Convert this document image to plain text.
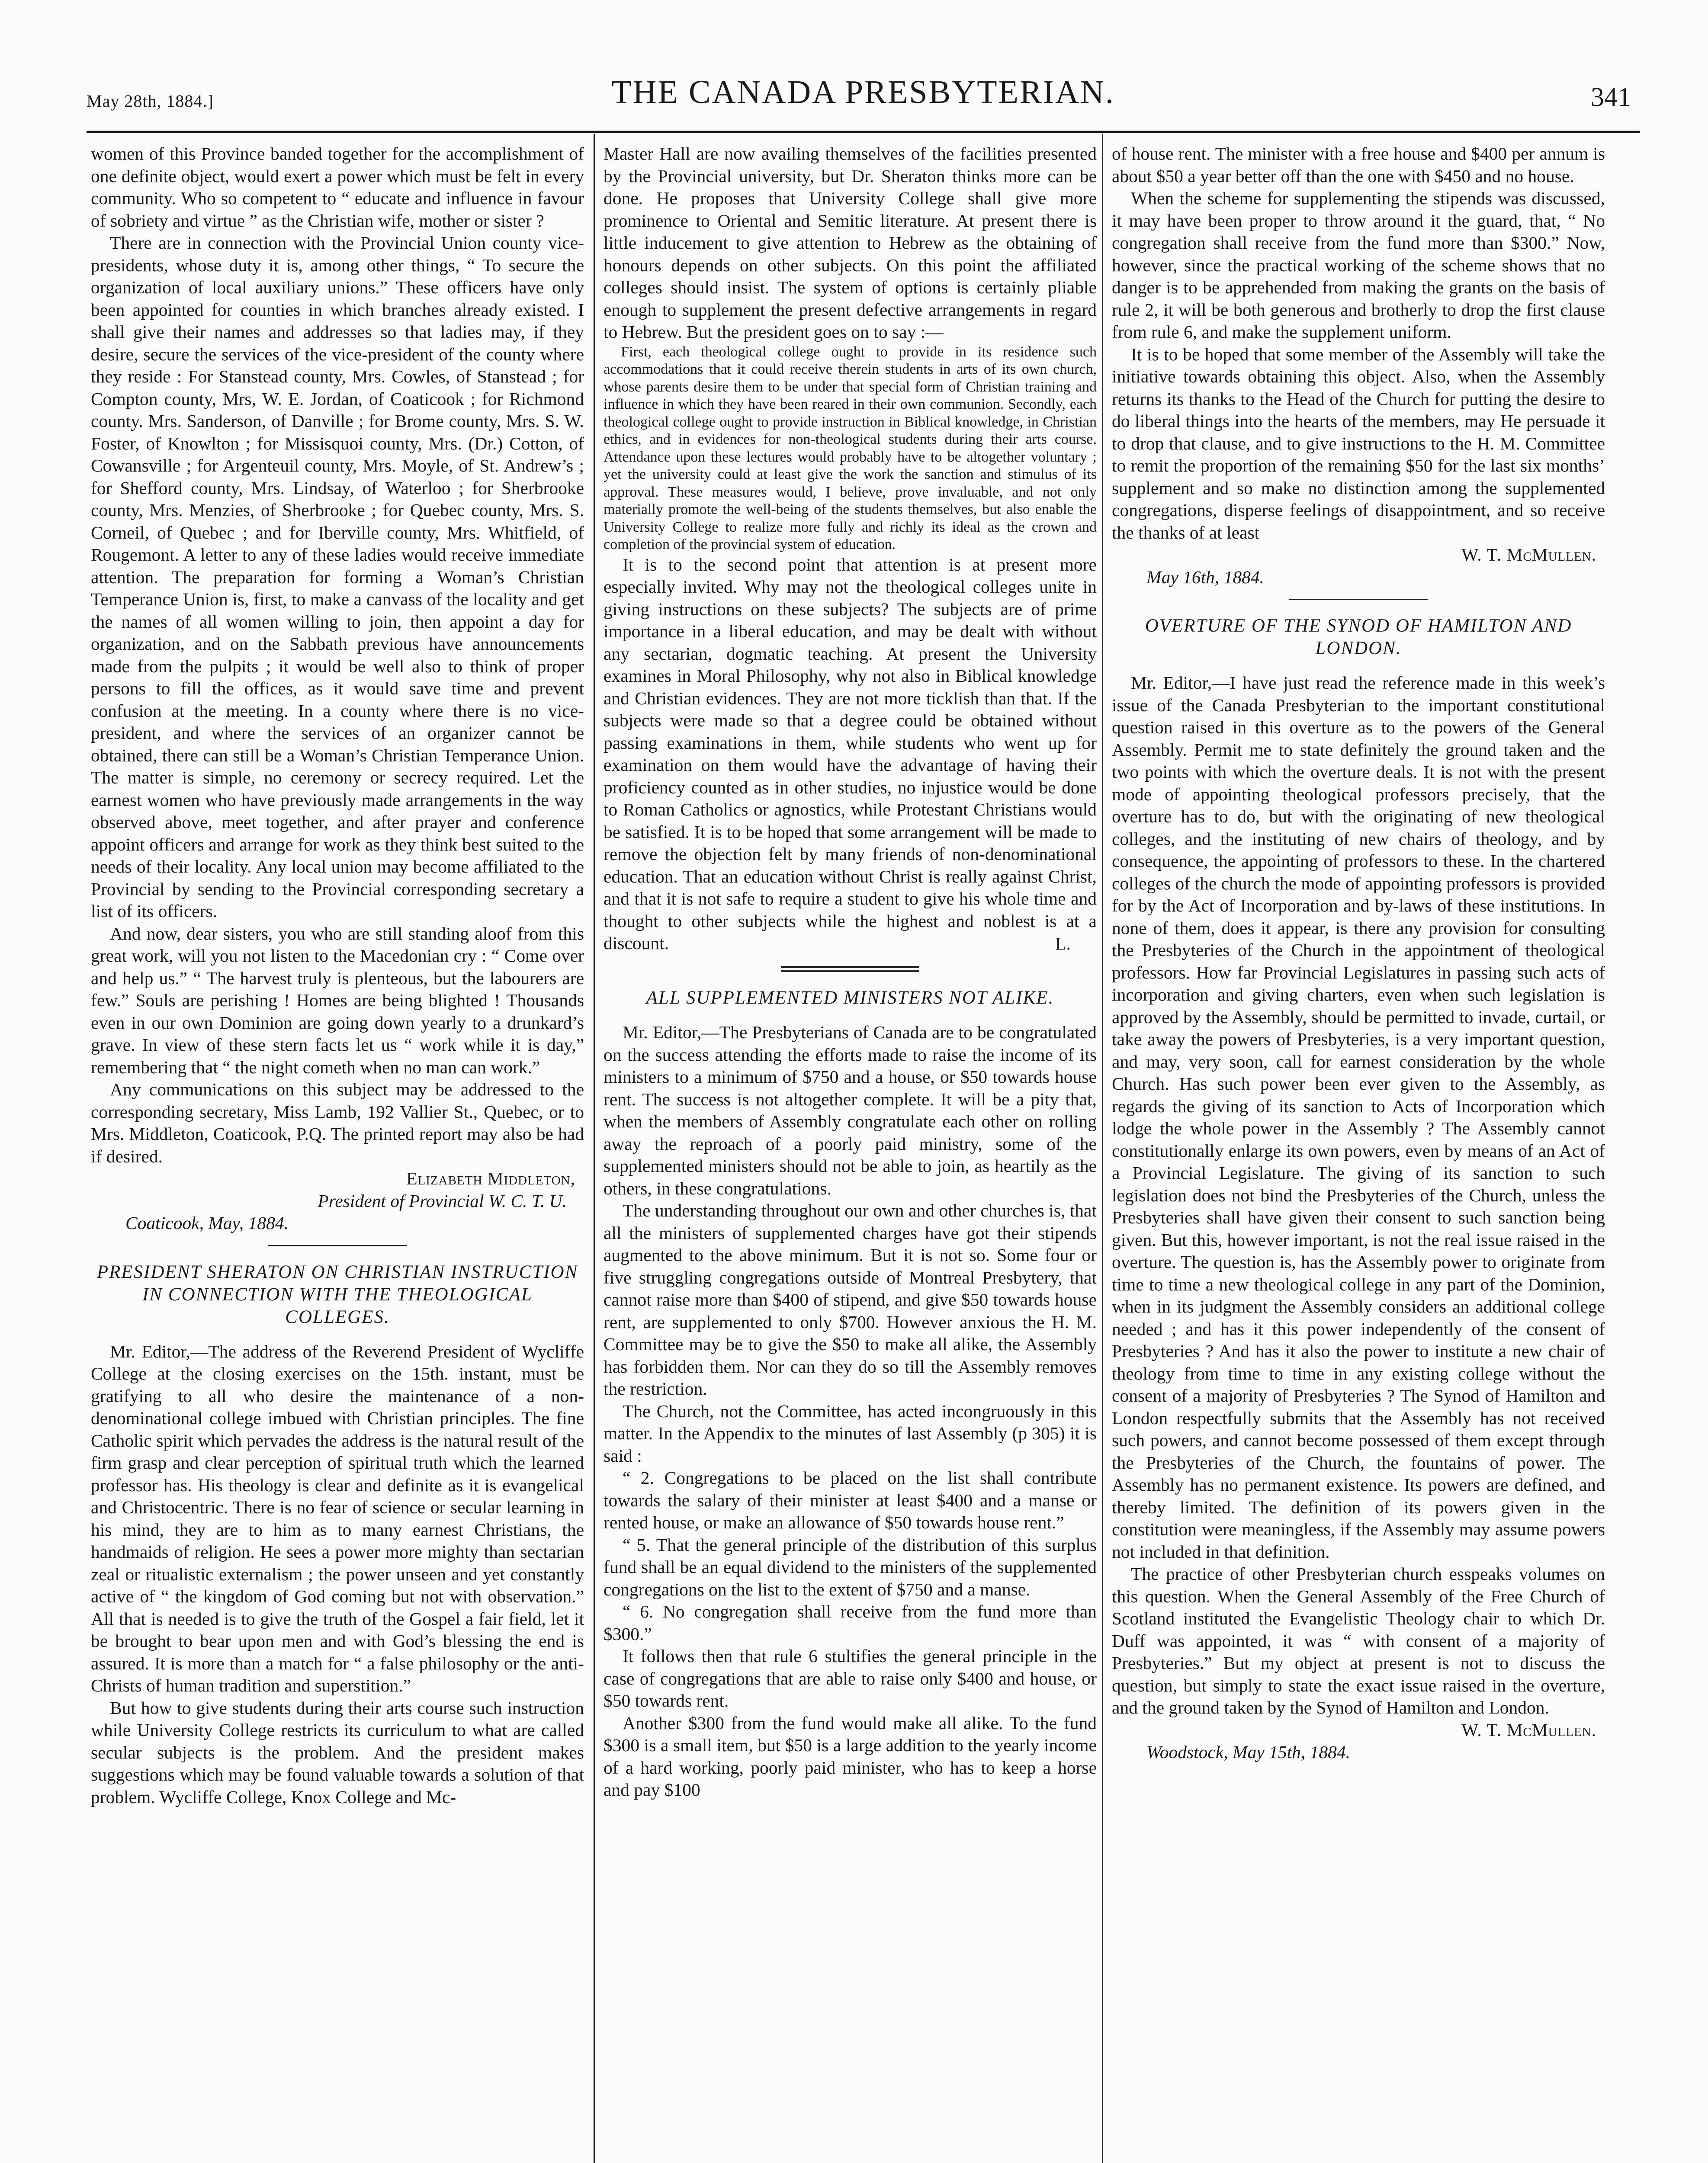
May 28th, 1884.]	THE CANADA PRESBYTERIAN.	341

women of this Province banded together for the accomplishment of one definite object, would exert a power which must be felt in every community. Who so competent to “ educate and influence in favour of sobriety and virtue ” as the Christian wife, mother or sister ?

There are in connection with the Provincial Union county vice-presidents, whose duty it is, among other things, “ To secure the organization of local auxiliary unions.” These officers have only been appointed for counties in which branches already existed. I shall give their names and addresses so that ladies may, if they desire, secure the services of the vice-president of the county where they reside : For Stanstead county, Mrs. Cowles, of Stanstead ; for Compton county, Mrs, W. E. Jordan, of Coaticook ; for Richmond county. Mrs. Sanderson, of Danville ; for Brome county, Mrs. S. W. Foster, of Knowlton ; for Missisquoi county, Mrs. (Dr.) Cotton, of Cowansville ; for Argenteuil county, Mrs. Moyle, of St. Andrew’s ; for Shefford county, Mrs. Lindsay, of Waterloo ; for Sherbrooke county, Mrs. Menzies, of Sherbrooke ; for Quebec county, Mrs. S. Corneil, of Quebec ; and for Iberville county, Mrs. Whitfield, of Rougemont. A letter to any of these ladies would receive immediate attention. The preparation for forming a Woman’s Christian Temperance Union is, first, to make a canvass of the locality and get the names of all women willing to join, then appoint a day for organization, and on the Sabbath previous have announcements made from the pulpits ; it would be well also to think of proper persons to fill the offices, as it would save time and prevent confusion at the meeting. In a county where there is no vice-president, and where the services of an organizer cannot be obtained, there can still be a Woman’s Christian Temperance Union. The matter is simple, no ceremony or secrecy required. Let the earnest women who have previously made arrangements in the way observed above, meet together, and after prayer and conference appoint officers and arrange for work as they think best suited to the needs of their locality. Any local union may become affiliated to the Provincial by sending to the Provincial corresponding secretary a list of its officers.

And now, dear sisters, you who are still standing aloof from this great work, will you not listen to the Macedonian cry : “ Come over and help us.” “ The harvest truly is plenteous, but the labourers are few.” Souls are perishing ! Homes are being blighted ! Thousands even in our own Dominion are going down yearly to a drunkard’s grave. In view of these stern facts let us “ work while it is day,” remembering that “ the night cometh when no man can work.”

Any communications on this subject may be addressed to the corresponding secretary, Miss Lamb, 192 Vallier St., Quebec, or to Mrs. Middleton, Coaticook, P.Q. The printed report may also be had if desired.

Elizabeth Middleton,
President of Provincial W. C. T. U.
Coaticook, May, 1884.
PRESIDENT SHERATON ON CHRISTIAN INSTRUCTION IN CONNECTION WITH THE THEOLOGICAL COLLEGES.

Mr. Editor,—The address of the Reverend President of Wycliffe College at the closing exercises on the 15th. instant, must be gratifying to all who desire the maintenance of a non-denominational college imbued with Christian principles. The fine Catholic spirit which pervades the address is the natural result of the firm grasp and clear perception of spiritual truth which the learned professor has. His theology is clear and definite as it is evangelical and Christocentric. There is no fear of science or secular learning in his mind, they are to him as to many earnest Christians, the handmaids of religion. He sees a power more mighty than sectarian zeal or ritualistic externalism ; the power unseen and yet constantly active of “ the kingdom of God coming but not with observation.” All that is needed is to give the truth of the Gospel a fair field, let it be brought to bear upon men and with God’s blessing the end is assured. It is more than a match for “ a false philosophy or the anti-Christs of human tradition and superstition.”

But how to give students during their arts course such instruction while University College restricts its curriculum to what are called secular subjects is the problem. And the president makes suggestions which may be found valuable towards a solution of that problem. Wycliffe College, Knox College and Mc-

Master Hall are now availing themselves of the facilities presented by the Provincial university, but Dr. Sheraton thinks more can be done. He proposes that University College shall give more prominence to Oriental and Semitic literature. At present there is little inducement to give attention to Hebrew as the obtaining of honours depends on other subjects. On this point the affiliated colleges should insist. The system of options is certainly pliable enough to supplement the present defective arrangements in regard to Hebrew. But the president goes on to say :—

First, each theological college ought to provide in its residence such accommodations that it could receive therein students in arts of its own church, whose parents desire them to be under that special form of Christian training and influence in which they have been reared in their own communion. Secondly, each theological college ought to provide instruction in Biblical knowledge, in Christian ethics, and in evidences for non-theological students during their arts course. Attendance upon these lectures would probably have to be altogether voluntary ; yet the university could at least give the work the sanction and stimulus of its approval. These measures would, I believe, prove invaluable, and not only materially promote the well-being of the students themselves, but also enable the University College to realize more fully and richly its ideal as the crown and completion of the provincial system of education.

It is to the second point that attention is at present more especially invited. Why may not the theological colleges unite in giving instructions on these subjects? The subjects are of prime importance in a liberal education, and may be dealt with without any sectarian, dogmatic teaching. At present the University examines in Moral Philosophy, why not also in Biblical knowledge and Christian evidences. They are not more ticklish than that. If the subjects were made so that a degree could be obtained without passing examinations in them, while students who went up for examination on them would have the advantage of having their proficiency counted as in other studies, no injustice would be done to Roman Catholics or agnostics, while Protestant Christians would be satisfied. It is to be hoped that some arrangement will be made to remove the objection felt by many friends of non-denominational education. That an education without Christ is really against Christ, and that it is not safe to require a student to give his whole time and thought to other subjects while the highest and noblest is at a discount.	L.
ALL SUPPLEMENTED MINISTERS NOT ALIKE.

Mr. Editor,—The Presbyterians of Canada are to be congratulated on the success attending the efforts made to raise the income of its ministers to a minimum of $750 and a house, or $50 towards house rent. The success is not altogether complete. It will be a pity that, when the members of Assembly congratulate each other on rolling away the reproach of a poorly paid ministry, some of the supplemented ministers should not be able to join, as heartily as the others, in these congratulations.

The understanding throughout our own and other churches is, that all the ministers of supplemented charges have got their stipends augmented to the above minimum. But it is not so. Some four or five struggling congregations outside of Montreal Presbytery, that cannot raise more than $400 of stipend, and give $50 towards house rent, are supplemented to only $700. However anxious the H. M. Committee may be to give the $50 to make all alike, the Assembly has forbidden them. Nor can they do so till the Assembly removes the restriction.

The Church, not the Committee, has acted incongruously in this matter. In the Appendix to the minutes of last Assembly (p 305) it is said :

“ 2. Congregations to be placed on the list shall contribute towards the salary of their minister at least $400 and a manse or rented house, or make an allowance of $50 towards house rent.”

“ 5. That the general principle of the distribution of this surplus fund shall be an equal dividend to the ministers of the supplemented congregations on the list to the extent of $750 and a manse.

“ 6. No congregation shall receive from the fund more than $300.”

It follows then that rule 6 stultifies the general principle in the case of congregations that are able to raise only $400 and house, or $50 towards rent.

Another $300 from the fund would make all alike. To the fund $300 is a small item, but $50 is a large addition to the yearly income of a hard working, poorly paid minister, who has to keep a horse and pay $100

of house rent. The minister with a free house and $400 per annum is about $50 a year better off than the one with $450 and no house.

When the scheme for supplementing the stipends was discussed, it may have been proper to throw around it the guard, that, “ No congregation shall receive from the fund more than $300.” Now, however, since the practical working of the scheme shows that no danger is to be apprehended from making the grants on the basis of rule 2, it will be both generous and brotherly to drop the first clause from rule 6, and make the supplement uniform.

It is to be hoped that some member of the Assembly will take the initiative towards obtaining this object. Also, when the Assembly returns its thanks to the Head of the Church for putting the desire to do liberal things into the hearts of the members, may He persuade it to drop that clause, and to give instructions to the H. M. Committee to remit the proportion of the remaining $50 for the last six months’ supplement and so make no distinction among the supplemented congregations, disperse feelings of disappointment, and so receive the thanks of at least

W. T. McMullen.
May 16th, 1884.
OVERTURE OF THE SYNOD OF HAMILTON AND LONDON.

Mr. Editor,—I have just read the reference made in this week’s issue of the Canada Presbyterian to the important constitutional question raised in this overture as to the powers of the General Assembly. Permit me to state definitely the ground taken and the two points with which the overture deals. It is not with the present mode of appointing theological professors precisely, that the overture has to do, but with the originating of new theological colleges, and the instituting of new chairs of theology, and by consequence, the appointing of professors to these. In the chartered colleges of the church the mode of appointing professors is provided for by the Act of Incorporation and by-laws of these institutions. In none of them, does it appear, is there any provision for consulting the Presbyteries of the Church in the appointment of theological professors. How far Provincial Legislatures in passing such acts of incorporation and giving charters, even when such legislation is approved by the Assembly, should be permitted to invade, curtail, or take away the powers of Presbyteries, is a very important question, and may, very soon, call for earnest consideration by the whole Church. Has such power been ever given to the Assembly, as regards the giving of its sanction to Acts of Incorporation which lodge the whole power in the Assembly ? The Assembly cannot constitutionally enlarge its own powers, even by means of an Act of a Provincial Legislature. The giving of its sanction to such legislation does not bind the Presbyteries of the Church, unless the Presbyteries shall have given their consent to such sanction being given. But this, however important, is not the real issue raised in the overture. The question is, has the Assembly power to originate from time to time a new theological college in any part of the Dominion, when in its judgment the Assembly considers an additional college needed ; and has it this power independently of the consent of Presbyteries ? And has it also the power to institute a new chair of theology from time to time in any existing college without the consent of a majority of Presbyteries ? The Synod of Hamilton and London respectfully submits that the Assembly has not received such powers, and cannot become possessed of them except through the Presbyteries of the Church, the fountains of power. The Assembly has no permanent existence. Its powers are defined, and thereby limited. The definition of its powers given in the constitution were meaningless, if the Assembly may assume powers not included in that definition.

The practice of other Presbyterian church esspeaks volumes on this question. When the General Assembly of the Free Church of Scotland instituted the Evangelistic Theology chair to which Dr. Duff was appointed, it was “ with consent of a majority of Presbyteries.” But my object at present is not to discuss the question, but simply to state the exact issue raised in the overture, and the ground taken by the Synod of Hamilton and London.

W. T. McMullen.
Woodstock, May 15th, 1884.
